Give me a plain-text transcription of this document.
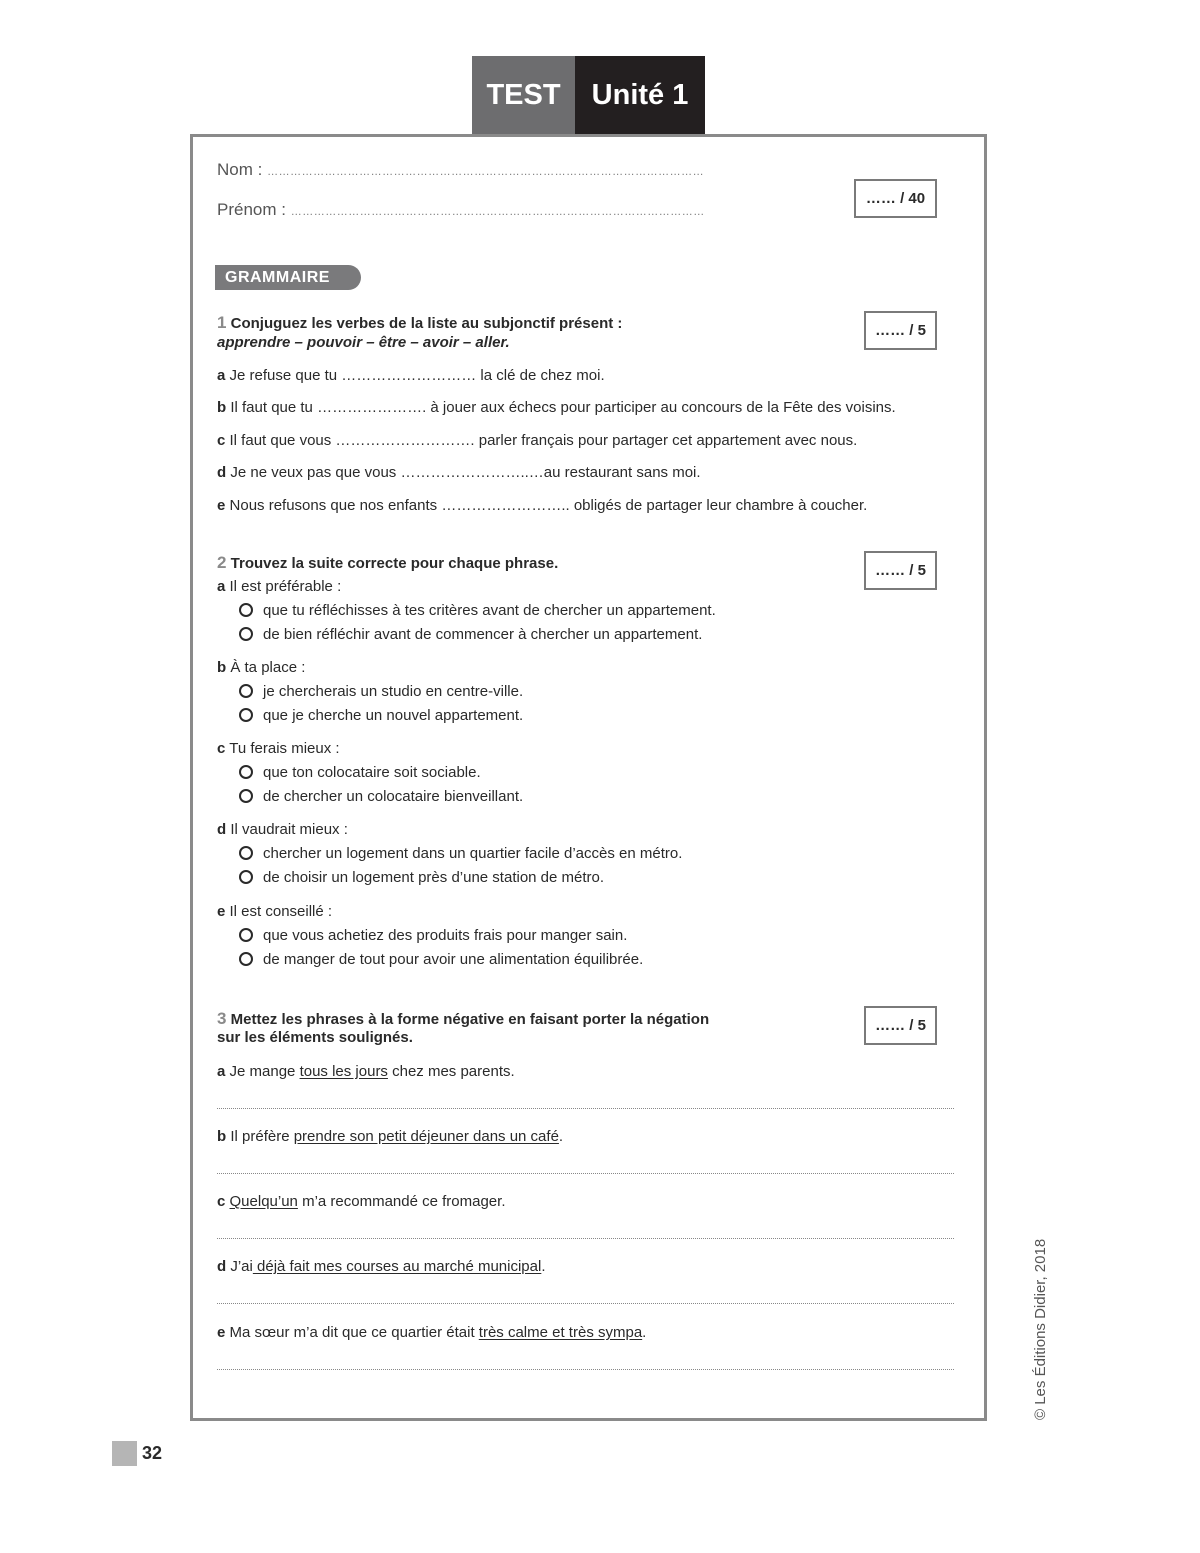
TEST	Unité 1
Nom : ……………………………………………………………………………………………………
Prénom : ………………………………………………………………………………………………
…… / 40
GRAMMAIRE
1 Conjuguez les verbes de la liste au subjonctif présent :
apprendre – pouvoir – être – avoir – aller.
…… / 5
a Je refuse que tu ……………………… la clé de chez moi.
b Il faut que tu …………………. à jouer aux échecs pour participer au concours de la Fête des voisins.
c Il faut que vous ………………………. parler français pour partager cet appartement avec nous.
d Je ne veux pas que vous ……………………..…au restaurant sans moi.
e Nous refusons que nos enfants …………………….. obligés de partager leur chambre à coucher.
2 Trouvez la suite correcte pour chaque phrase.	…… / 5
a Il est préférable :
que tu réfléchisses à tes critères avant de chercher un appartement.
de bien réfléchir avant de commencer à chercher un appartement.
b À ta place :
je chercherais un studio en centre-ville.
que je cherche un nouvel appartement.
c Tu ferais mieux :
que ton colocataire soit sociable.
de chercher un colocataire bienveillant.
d Il vaudrait mieux :
chercher un logement dans un quartier facile d’accès en métro.
de choisir un logement près d’une station de métro.
e Il est conseillé :
que vous achetiez des produits frais pour manger sain.
de manger de tout pour avoir une alimentation équilibrée.
3 Mettez les phrases à la forme négative en faisant porter la négation
sur les éléments soulignés.
…… / 5
a Je mange tous les jours chez mes parents.
b Il préfère prendre son petit déjeuner dans un café.
c Quelqu’un m’a recommandé ce fromager.
d J’ai déjà fait mes courses au marché municipal.
e Ma sœur m’a dit que ce quartier était très calme et très sympa.	© Les Éditions Didier, 2018
32
